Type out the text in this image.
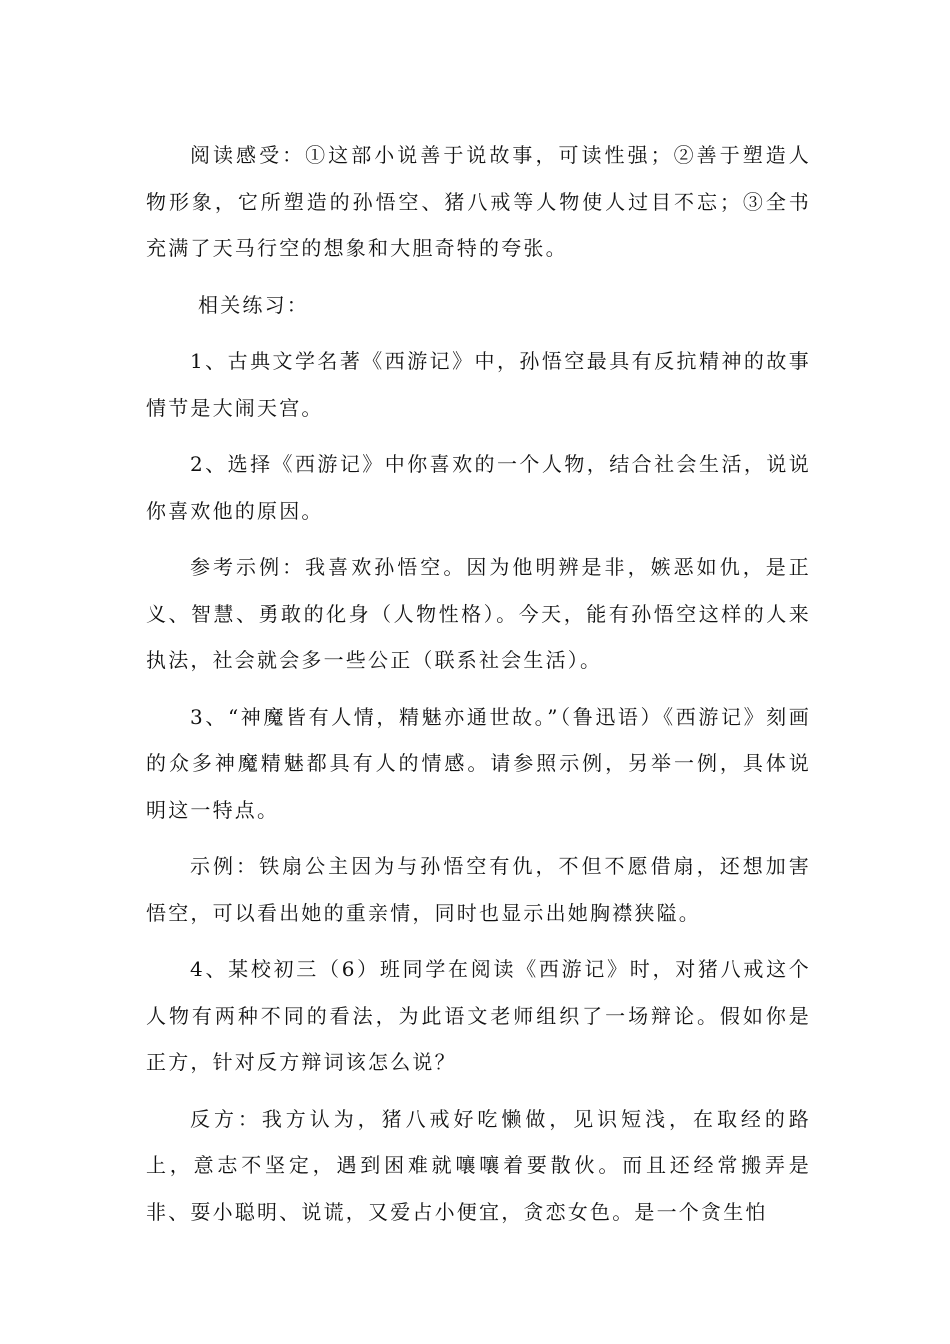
阅读感受：①这部小说善于说故事，可读性强；②善于塑造人物形象，它所塑造的孙悟空、猪八戒等人物使人过目不忘；③全书充满了天马行空的想象和大胆奇特的夸张。

相关练习：

1、古典文学名著《西游记》中，孙悟空最具有反抗精神的故事情节是大闹天宫。

2、选择《西游记》中你喜欢的一个人物，结合社会生活，说说你喜欢他的原因。

参考示例：我喜欢孙悟空。因为他明辨是非，嫉恶如仇，是正义、智慧、勇敢的化身（人物性格）。今天，能有孙悟空这样的人来执法，社会就会多一些公正（联系社会生活）。

3、“神魔皆有人情，精魅亦通世故。”（鲁迅语）《西游记》刻画的众多神魔精魅都具有人的情感。请参照示例，另举一例，具体说明这一特点。

示例：铁扇公主因为与孙悟空有仇，不但不愿借扇，还想加害悟空，可以看出她的重亲情，同时也显示出她胸襟狭隘。

4、某校初三（6）班同学在阅读《西游记》时，对猪八戒这个人物有两种不同的看法，为此语文老师组织了一场辩论。假如你是正方，针对反方辩词该怎么说？

反方：我方认为，猪八戒好吃懒做，见识短浅，在取经的路上，意志不坚定，遇到困难就嚷嚷着要散伙。而且还经常搬弄是非、耍小聪明、说谎，又爱占小便宜，贪恋女色。是一个贪生怕
